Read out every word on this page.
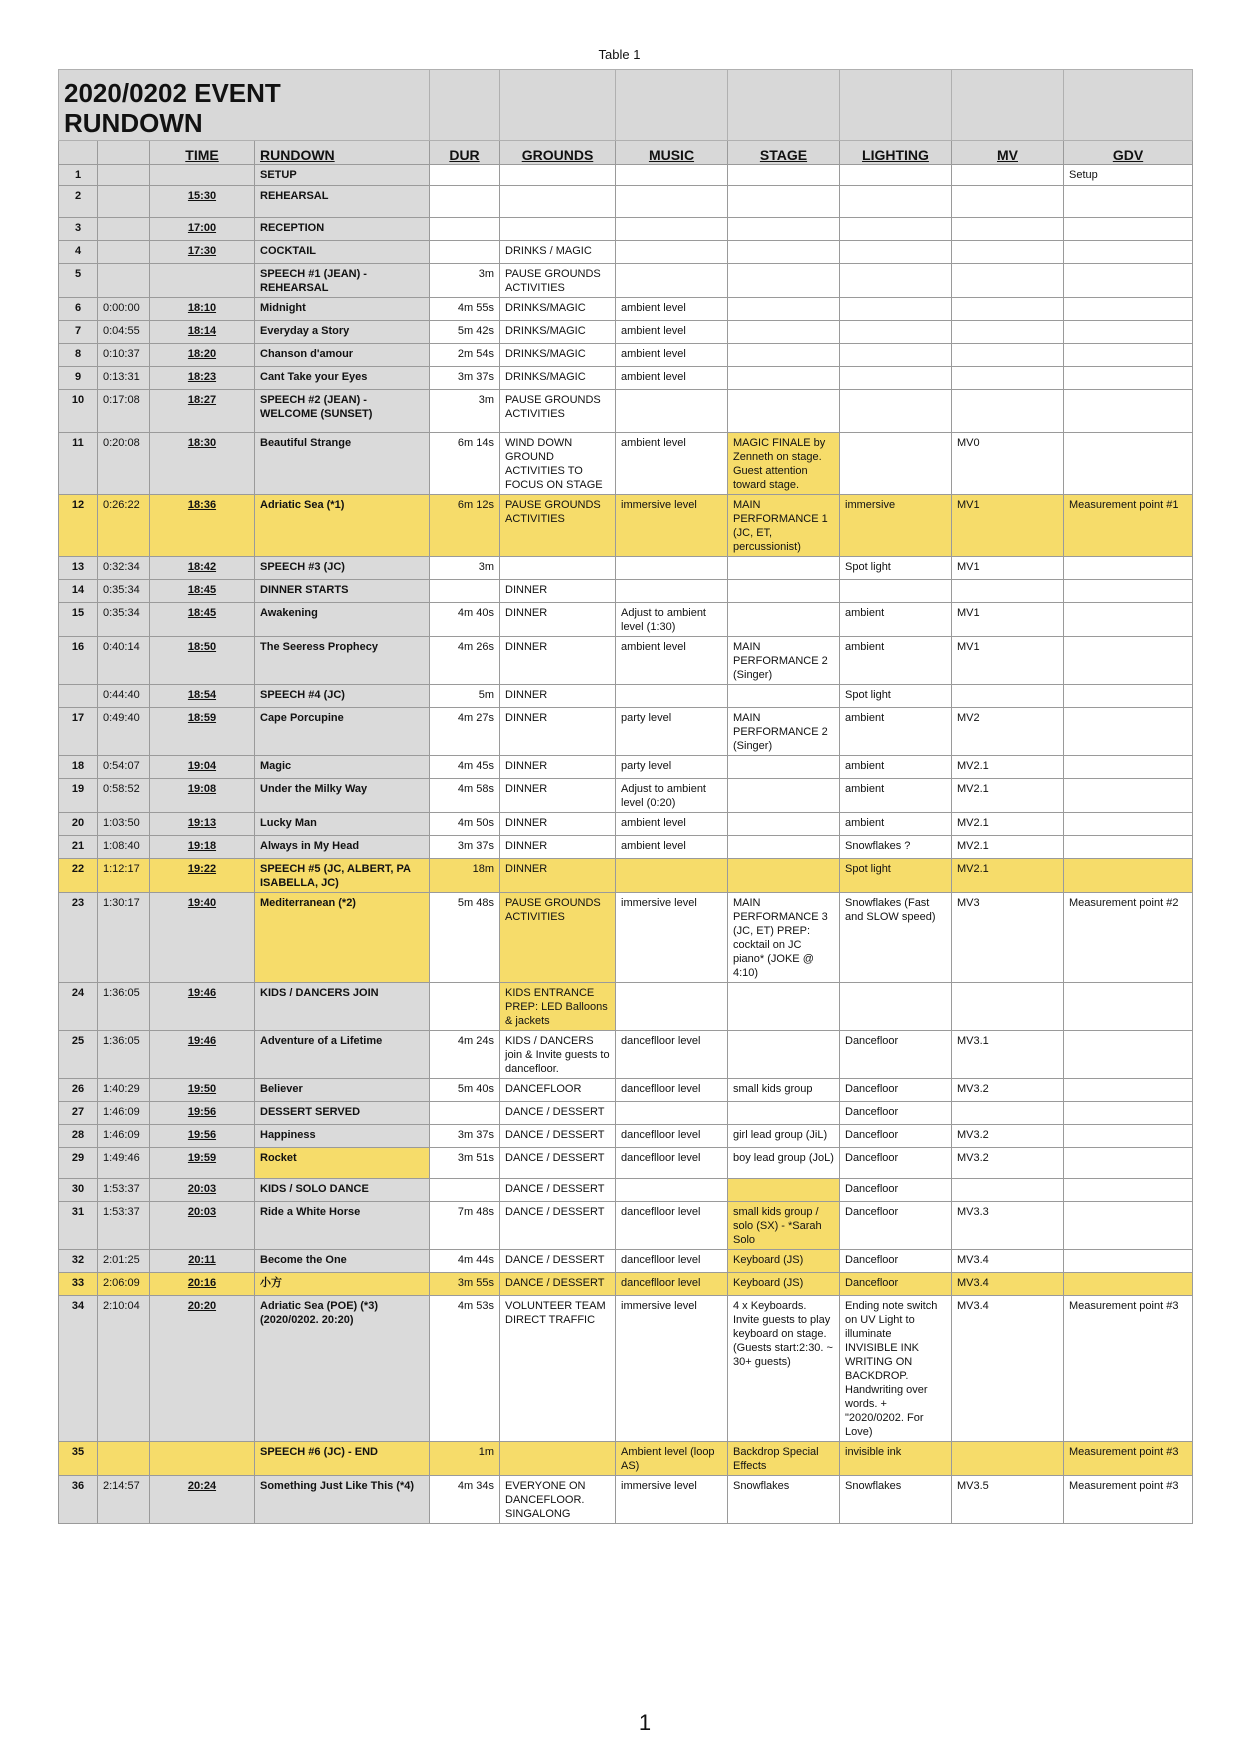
Table 1
2020/0202 EVENT RUNDOWN										
		TIME	RUNDOWN	DUR	GROUNDS	MUSIC	STAGE	LIGHTING	MV	GDV
1			SETUP							Setup
2		15:30	REHEARSAL							
3		17:00	RECEPTION							
4		17:30	COCKTAIL		DRINKS / MAGIC					
5			SPEECH #1 (JEAN) - REHEARSAL	3m	PAUSE GROUNDS ACTIVITIES					
6	0:00:00	18:10	Midnight	4m 55s	DRINKS/MAGIC	ambient level				
7	0:04:55	18:14	Everyday a Story	5m 42s	DRINKS/MAGIC	ambient level				
8	0:10:37	18:20	Chanson d'amour	2m 54s	DRINKS/MAGIC	ambient level				
9	0:13:31	18:23	Cant Take your Eyes	3m 37s	DRINKS/MAGIC	ambient level				
10	0:17:08	18:27	SPEECH #2 (JEAN) - WELCOME (SUNSET)	3m	PAUSE GROUNDS ACTIVITIES					
11	0:20:08	18:30	Beautiful Strange	6m 14s	WIND DOWN GROUND ACTIVITIES TO FOCUS ON STAGE	ambient level	MAGIC FINALE by Zenneth on stage. Guest attention toward stage.		MV0	
12	0:26:22	18:36	Adriatic Sea (*1)	6m 12s	PAUSE GROUNDS ACTIVITIES	immersive level	MAIN PERFORMANCE 1 (JC, ET, percussionist)	immersive	MV1	Measurement point #1
13	0:32:34	18:42	SPEECH #3 (JC)	3m				Spot light	MV1	
14	0:35:34	18:45	DINNER STARTS		DINNER					
15	0:35:34	18:45	Awakening	4m 40s	DINNER	Adjust to ambient level (1:30)		ambient	MV1	
16	0:40:14	18:50	The Seeress Prophecy	4m 26s	DINNER	ambient level	MAIN PERFORMANCE 2 (Singer)	ambient	MV1	
	0:44:40	18:54	SPEECH #4 (JC)	5m	DINNER			Spot light		
17	0:49:40	18:59	Cape Porcupine	4m 27s	DINNER	party level	MAIN PERFORMANCE 2 (Singer)	ambient	MV2	
18	0:54:07	19:04	Magic	4m 45s	DINNER	party level		ambient	MV2.1	
19	0:58:52	19:08	Under the Milky Way	4m 58s	DINNER	Adjust to ambient level (0:20)		ambient	MV2.1	
20	1:03:50	19:13	Lucky Man	4m 50s	DINNER	ambient level		ambient	MV2.1	
21	1:08:40	19:18	Always in My Head	3m 37s	DINNER	ambient level		Snowflakes ?	MV2.1	
22	1:12:17	19:22	SPEECH #5 (JC, ALBERT, PA ISABELLA, JC)	18m	DINNER			Spot light	MV2.1	
23	1:30:17	19:40	Mediterranean (*2)	5m 48s	PAUSE GROUNDS ACTIVITIES	immersive level	MAIN PERFORMANCE 3 (JC, ET) PREP: cocktail on JC piano* (JOKE @ 4:10)	Snowflakes (Fast and SLOW speed)	MV3	Measurement point #2
24	1:36:05	19:46	KIDS / DANCERS JOIN		KIDS ENTRANCE PREP: LED Balloons & jackets					
25	1:36:05	19:46	Adventure of a Lifetime	4m 24s	KIDS / DANCERS join & Invite guests to dancefloor.	danceflloor level		Dancefloor	MV3.1	
26	1:40:29	19:50	Believer	5m 40s	DANCEFLOOR	danceflloor level	small kids group	Dancefloor	MV3.2	
27	1:46:09	19:56	DESSERT SERVED		DANCE / DESSERT			Dancefloor		
28	1:46:09	19:56	Happiness	3m 37s	DANCE / DESSERT	danceflloor level	girl lead group (JiL)	Dancefloor	MV3.2	
29	1:49:46	19:59	Rocket	3m 51s	DANCE / DESSERT	danceflloor level	boy lead group (JoL)	Dancefloor	MV3.2	
30	1:53:37	20:03	KIDS / SOLO DANCE		DANCE / DESSERT			Dancefloor		
31	1:53:37	20:03	Ride a White Horse	7m 48s	DANCE / DESSERT	danceflloor level	small kids group / solo (SX) - *Sarah Solo	Dancefloor	MV3.3	
32	2:01:25	20:11	Become the One	4m 44s	DANCE / DESSERT	danceflloor level	Keyboard (JS)	Dancefloor	MV3.4	
33	2:06:09	20:16	小方	3m 55s	DANCE / DESSERT	danceflloor level	Keyboard (JS)	Dancefloor	MV3.4	
34	2:10:04	20:20	Adriatic Sea (POE) (*3) (2020/0202. 20:20)	4m 53s	VOLUNTEER TEAM DIRECT TRAFFIC	immersive level	4 x Keyboards. Invite guests to play keyboard on stage. (Guests start:2:30. ~ 30+ guests)	Ending note switch on UV Light to illuminate INVISIBLE INK WRITING ON BACKDROP. Handwriting over words. + "2020/0202. For Love)	MV3.4	Measurement point #3
35			SPEECH #6 (JC) - END	1m		Ambient level (loop AS)	Backdrop Special Effects	invisible ink		Measurement point #3
36	2:14:57	20:24	Something Just Like This (*4)	4m 34s	EVERYONE ON DANCEFLOOR. SINGALONG	immersive level	Snowflakes	Snowflakes	MV3.5	Measurement point #3
1
